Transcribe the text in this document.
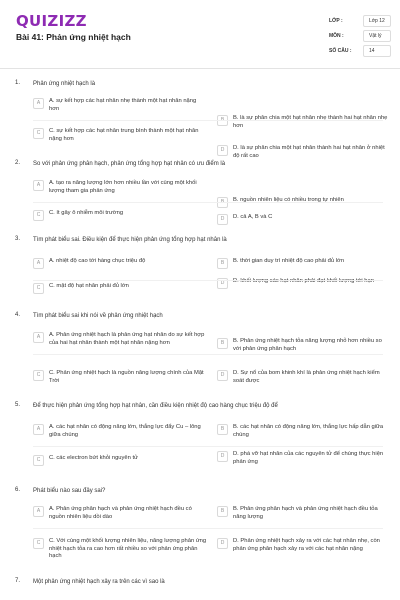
QUIZIZZ
Bài 41: Phản ứng nhiệt hạch
LỚP :	Lớp 12
MÔN :	Vật lý
SỐ CÂU :	14
1. Phản ứng nhiệt hạch là
A	A. sự kết hợp các hạt nhân nhẹ thành một hạt nhân nặng hơn
B	B. là sự phân chia một hạt nhân nhẹ thành hai hạt nhân nhẹ hơn
C	C. sự kết hợp các hạt nhân trung bình thành một hạt nhân nặng hơn
D	D. là sự phân chia một hạt nhân thành hai hạt nhân ở nhiệt độ rất cao
2. So với phản ứng phân hạch, phản ứng tổng hợp hạt nhân có ưu điểm là
A	A. tạo ra năng lượng lớn hơn nhiều lần với cùng một khối lượng tham gia phản ứng
B	B. nguồn nhiên liệu có nhiều trong tự nhiên
C	C. ít gây ô nhiễm môi trường
D	D. cả A, B và C
3. Tìm phát biểu sai. Điều kiện để thực hiện phản ứng tổng hợp hạt nhân là
A	A. nhiệt độ cao tới hàng chục triệu độ	B	B. thời gian duy trì nhiệt độ cao phải đủ lớn
C	C. mật độ hạt nhân phải đủ lớn	D	D. khối lượng các hạt nhân phải đạt khối lượng tới hạn
4. Tìm phát biểu sai khi nói về phản ứng nhiệt hạch
A	A. Phản ứng nhiệt hạch là phản ứng hạt nhân do sự kết hợp của hai hạt nhân thành một hạt nhân nặng hơn	B	B. Phản ứng nhiệt hạch tỏa năng lượng nhỏ hơn nhiều so với phản ứng phân hạch
C	C. Phản ứng nhiệt hạch là nguồn năng lượng chính của Mặt Trời
D	D. Sự nổ của bom khinh khí là phản ứng nhiệt hạch kiểm soát được
5. Để thực hiện phản ứng tổng hợp hạt nhân, cần điều kiện nhiệt độ cao hàng chục triệu độ để
A	A. các hạt nhân có động năng lớn, thắng lực đẩy Cu – lông giữa chúng
B	B. các hạt nhân có động năng lớn, thắng lực hấp dẫn giữa chúng
C	C. các electron bứt khỏi nguyên tử	D	D. phá vỡ hạt nhân của các nguyên tử để chúng thực hiện phản ứng
6. Phát biểu nào sau đây sai?
A	A. Phản ứng phân hạch và phản ứng nhiệt hạch đều có nguồn nhiên liệu dồi dào
B	B. Phản ứng phân hạch và phản ứng nhiệt hạch đều tỏa năng lượng
C	C. Với cùng một khối lượng nhiên liệu, năng lượng phản ứng nhiệt hạch tỏa ra cao hơn rất nhiều so với phản ứng phân hạch
D	D. Phản ứng nhiệt hạch xảy ra với các hạt nhân nhẹ, còn phản ứng phân hạch xảy ra với các hạt nhân nặng
7. Một phản ứng nhiệt hạch xảy ra trên các vì sao là
